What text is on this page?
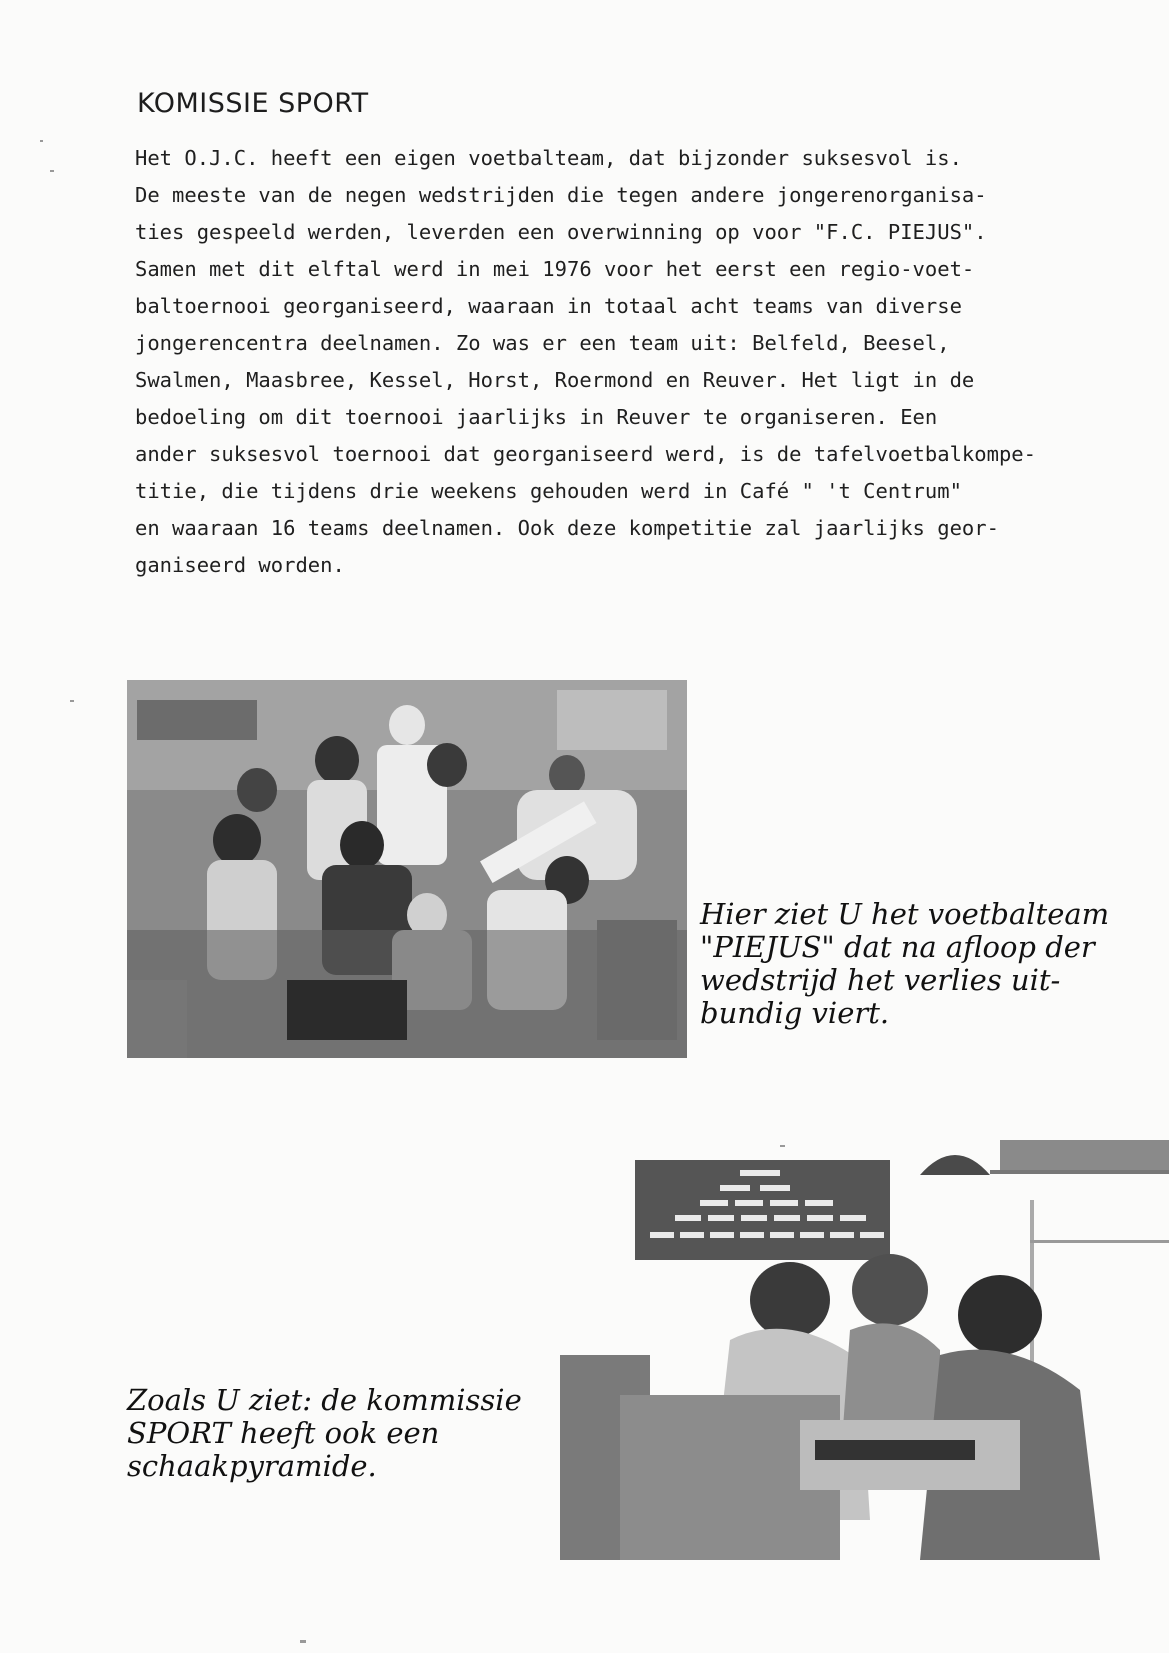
KOMISSIE SPORT
Het O.J.C. heeft een eigen voetbalteam, dat bijzonder suksesvol is.
De meeste van de negen wedstrijden die tegen andere jongerenorganisa-
ties gespeeld werden, leverden een overwinning op voor "F.C. PIEJUS".
Samen met dit elftal werd in mei 1976 voor het eerst een regio-voet-
baltoernooi georganiseerd, waaraan in totaal acht teams van diverse
jongerencentra deelnamen. Zo was er een team uit: Belfeld, Beesel,
Swalmen, Maasbree, Kessel, Horst, Roermond en Reuver. Het ligt in de
bedoeling om dit toernooi jaarlijks in Reuver te organiseren. Een
ander suksesvol toernooi dat georganiseerd werd, is de tafelvoetbalkompe-
titie, die tijdens drie weekens gehouden werd in Café " 't Centrum"
en waaraan 16 teams deelnamen. Ook deze kompetitie zal jaarlijks geor-
ganiseerd worden.
Hier ziet U het voetbalteam
"PIEJUS" dat na afloop der
wedstrijd het verlies uit-
bundig viert.
Zoals U ziet: de kommissie
SPORT heeft ook een
schaakpyramide.
